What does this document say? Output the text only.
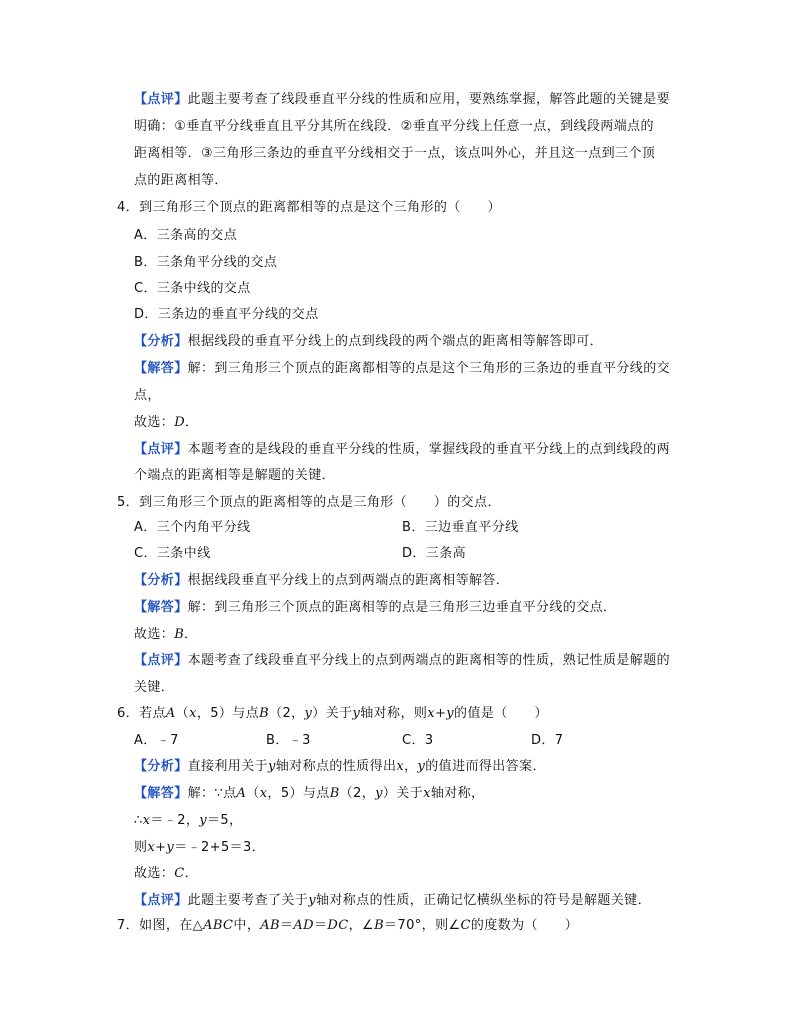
【点评】此题主要考查了线段垂直平分线的性质和应用，要熟练掌握，解答此题的关键是要
明确：①垂直平分线垂直且平分其所在线段．②垂直平分线上任意一点，到线段两端点的
距离相等．③三角形三条边的垂直平分线相交于一点，该点叫外心，并且这一点到三个顶
点的距离相等．
4．到三角形三个顶点的距离都相等的点是这个三角形的（　　）
A．三条高的交点
B．三条角平分线的交点
C．三条中线的交点
D．三条边的垂直平分线的交点
【分析】根据线段的垂直平分线上的点到线段的两个端点的距离相等解答即可．
【解答】解：到三角形三个顶点的距离都相等的点是这个三角形的三条边的垂直平分线的交
点，
故选：D．
【点评】本题考查的是线段的垂直平分线的性质，掌握线段的垂直平分线上的点到线段的两
个端点的距离相等是解题的关键．
5．到三角形三个顶点的距离相等的点是三角形（　　）的交点．
A．三个内角平分线	B．三边垂直平分线
C．三条中线	D．三条高
【分析】根据线段垂直平分线上的点到两端点的距离相等解答．
【解答】解：到三角形三个顶点的距离相等的点是三角形三边垂直平分线的交点．
故选：B．
【点评】本题考查了线段垂直平分线上的点到两端点的距离相等的性质，熟记性质是解题的
关键．
6．若点A（x，5）与点B（2，y）关于y轴对称，则x+y的值是（　　）
A．﹣7	B．﹣3	C．3	D．7
【分析】直接利用关于y轴对称点的性质得出x，y的值进而得出答案．
【解答】解：∵点A（x，5）与点B（2，y）关于x轴对称，
∴x＝﹣2，y＝5，
则x+y＝﹣2+5＝3．
故选：C．
【点评】此题主要考查了关于y轴对称点的性质，正确记忆横纵坐标的符号是解题关键．
7．如图，在△ABC中，AB＝AD＝DC，∠B＝70°，则∠C的度数为（　　）
